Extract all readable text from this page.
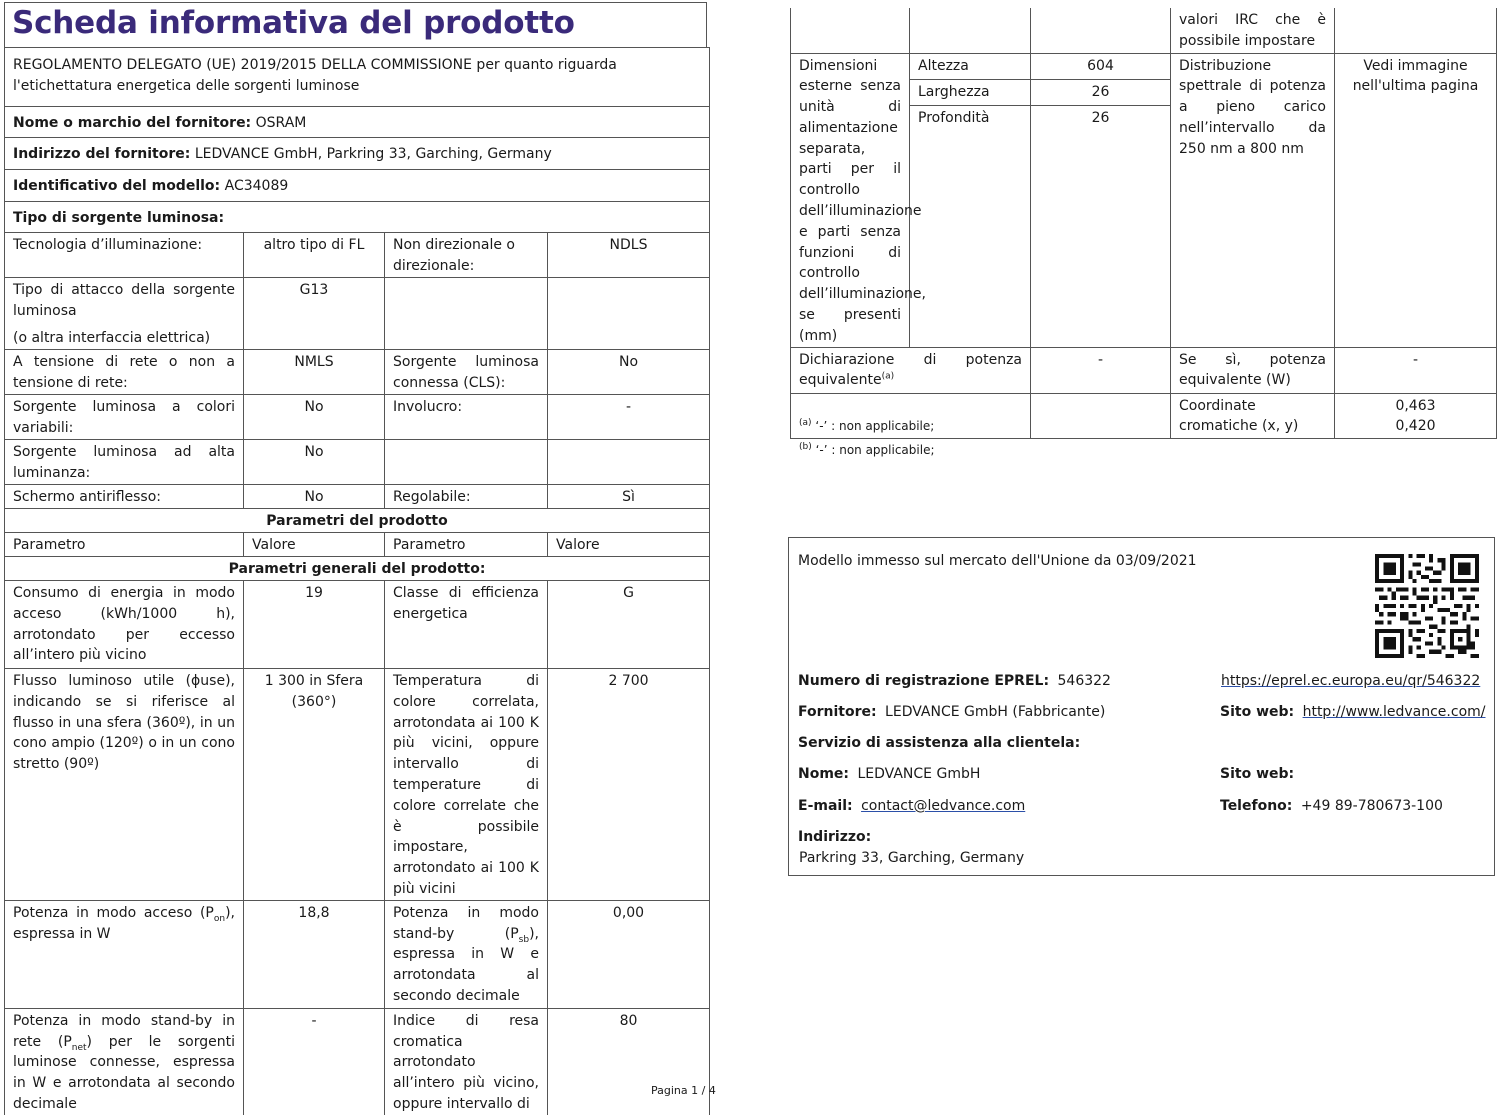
Scheda informativa del prodotto
REGOLAMENTO DELEGATO (UE) 2019/2015 DELLA COMMISSIONE per quanto riguarda l'etichettatura energetica delle sorgenti luminose			
Nome o marchio del fornitore: OSRAM			
Indirizzo del fornitore: LEDVANCE GmbH, Parkring 33, Garching, Germany			
Identificativo del modello: AC34089			
Tipo di sorgente luminosa:			
Tecnologia d’illuminazione:	altro tipo di FL	Non direzionale o direzionale:	NDLS

Tipo di attacco della sorgente luminosa
(o altra interfaccia elettrica)	G13		
A tensione di rete o non a tensione di rete:	NMLS	Sorgente luminosa connessa (CLS):	No
Sorgente luminosa a colori variabili:	No	Involucro:	-
Sorgente luminosa ad alta luminanza:	No		
Schermo antiriflesso:	No	Regolabile:	Sì
Parametri del prodotto			
Parametro	Valore	Parametro	Valore
Parametri generali del prodotto:			
Consumo di energia in modo acceso (kWh/1000 h), arrotondato per eccesso all’intero più vicino	19	Classe di efficienza energetica	G
Flusso luminoso utile (ɸuse), indicando se si riferisce al flusso in una sfera (360º), in un cono ampio (120º) o in un cono stretto (90º)	1 300 in Sfera (360°)	Temperatura di colore correlata, arrotondata ai 100 K più vicini, oppure intervallo di temperature di colore correlate che è possibile impostare, arrotondato ai 100 K più vicini	2 700
Potenza in modo acceso $(P_{on})$, espressa in W	18,8	Potenza in modo stand-by $(P_{sb})$, espressa in W e arrotondata al secondo decimale	0,00
Potenza in modo stand-by in rete $(P_{net})$ per le sorgenti luminose connesse, espressa in W e arrotondata al secondo decimale	-	Indice di resa cromatica arrotondato all’intero più vicino, oppure intervallo di	80
Pagina 1 / 4
			valori IRC che è possibile impostare	
Dimensioni esterne senza unità di alimentazione separata, parti per il controllo dell’illuminazione e parti senza funzioni di controllo dell’illuminazione, se presenti (mm)	Altezza	604	Distribuzione spettrale di potenza a pieno carico nell’intervallo da 250 nm a 800 nm	Vedi immagine nell'ultima pagina
	Larghezza	26		
	Profondità	26		
Dichiarazione di potenza equivalente$^{(a)}$		-	Se sì, potenza equivalente (W)	-
			Coordinate cromatiche (x, y)	0,463
0,420
$^{(a)}$ ‘-’ : non applicabile;
$^{(b)}$ ‘-’ : non applicabile;
Modello immesso sul mercato dell'Unione da 03/09/2021
Numero di registrazione EPREL: 546322	https://eprel.ec.europa.eu/qr/546322
Fornitore: LEDVANCE GmbH (Fabbricante)	Sito web: http://www.ledvance.com/
Servizio di assistenza alla clientela:
Nome: LEDVANCE GmbH	Sito web:
E-mail: contact@ledvance.com	Telefono: +49 89-780673-100
Indirizzo:
Parkring 33, Garching, Germany
